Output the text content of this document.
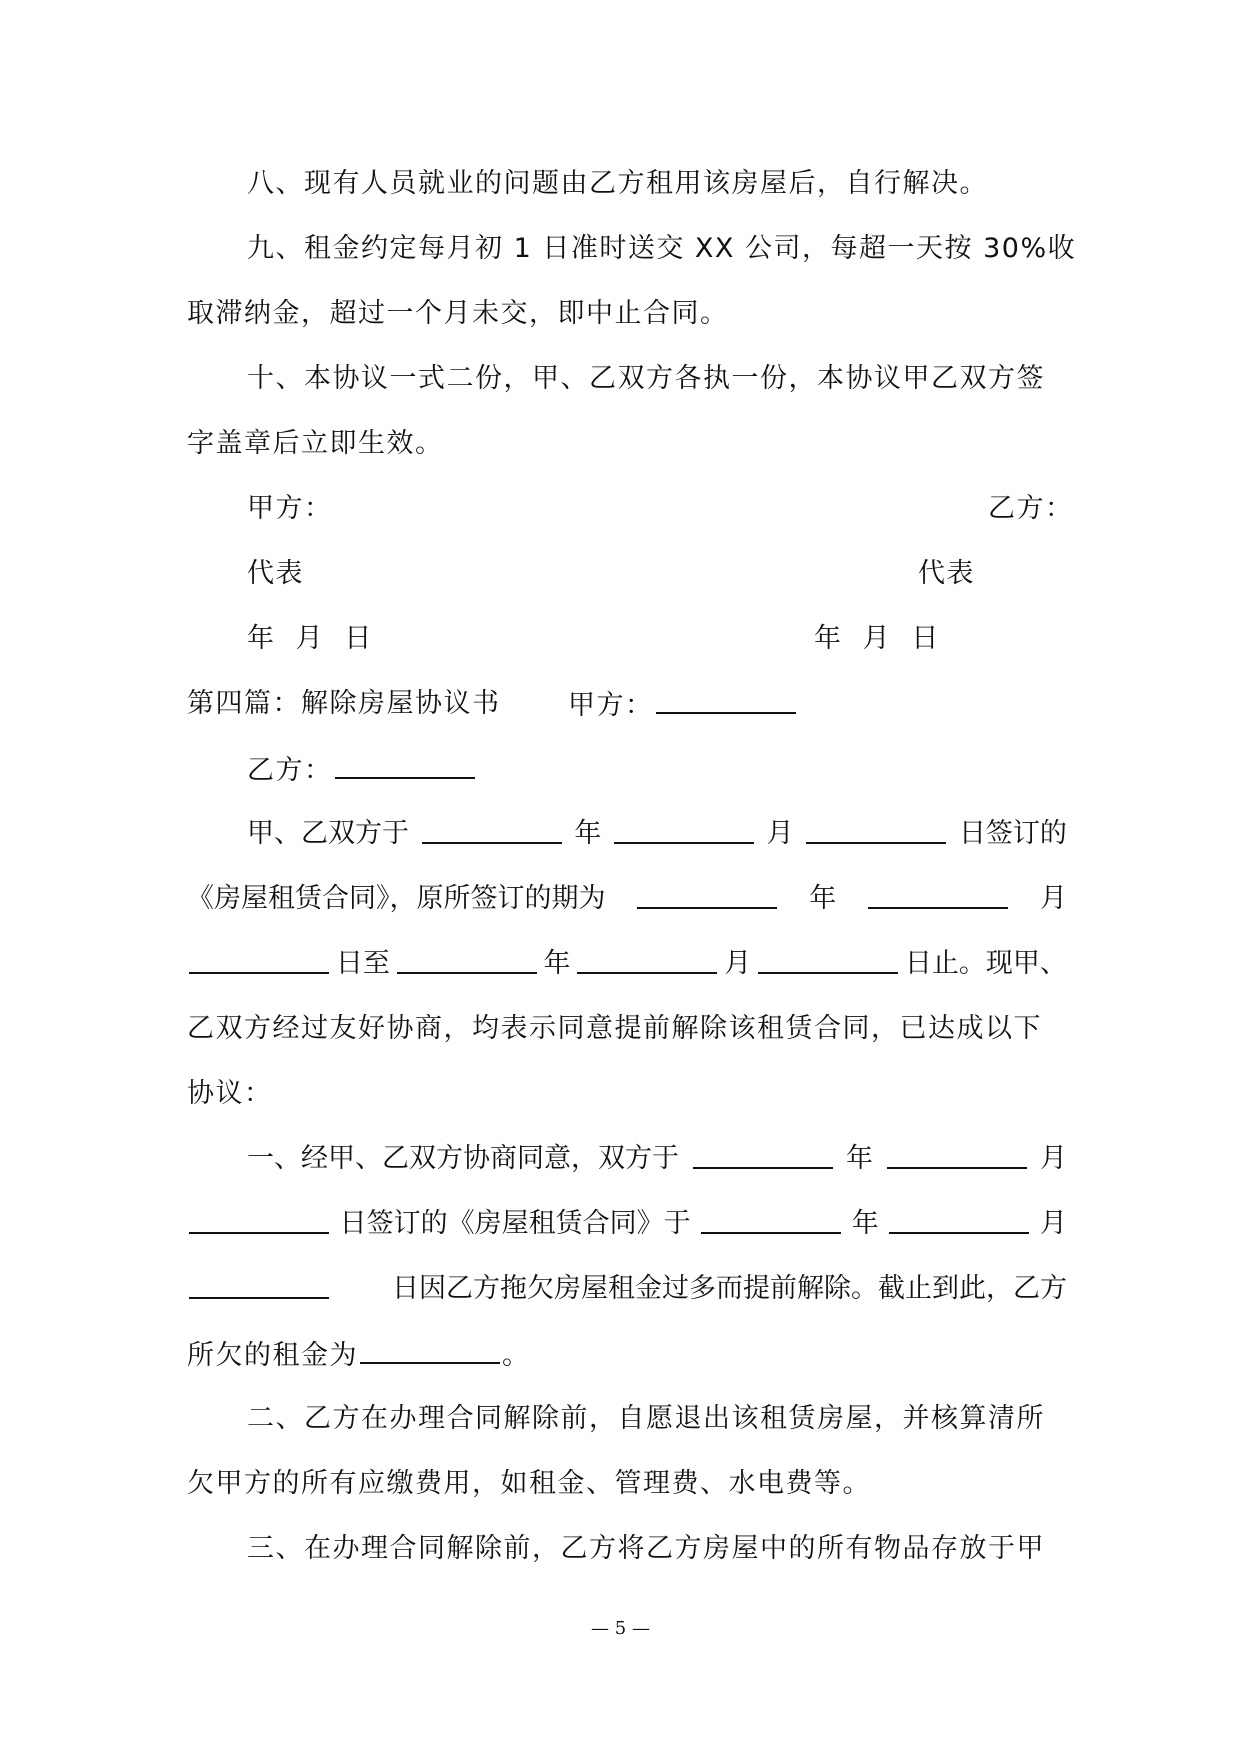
八、现有人员就业的问题由乙方租用该房屋后，自行解决。
九、租金约定每月初 1 日准时送交 XX 公司，每超一天按 30%收
取滞纳金，超过一个月未交，即中止合同。
十、本协议一式二份，甲、乙双方各执一份，本协议甲乙双方签
字盖章后立即生效。
甲方：	乙方：
代表	代表
年  月  日	年  月  日
第四篇：解除房屋协议书	甲方：
乙方：
甲、乙双方于	年	月	日签订的
《房屋租赁合同》，原所签订的期为	年	月
日至	年	月	日止。现甲、
乙双方经过友好协商，均表示同意提前解除该租赁合同，已达成以下
协议：
一、经甲、乙双方协商同意，双方于	年	月
日签订的《房屋租赁合同》于	年	月
日因乙方拖欠房屋租金过多而提前解除。截止到此，乙方
所欠的租金为	。
二、乙方在办理合同解除前，自愿退出该租赁房屋，并核算清所
欠甲方的所有应缴费用，如租金、管理费、水电费等。
三、在办理合同解除前，乙方将乙方房屋中的所有物品存放于甲
— 5 —
